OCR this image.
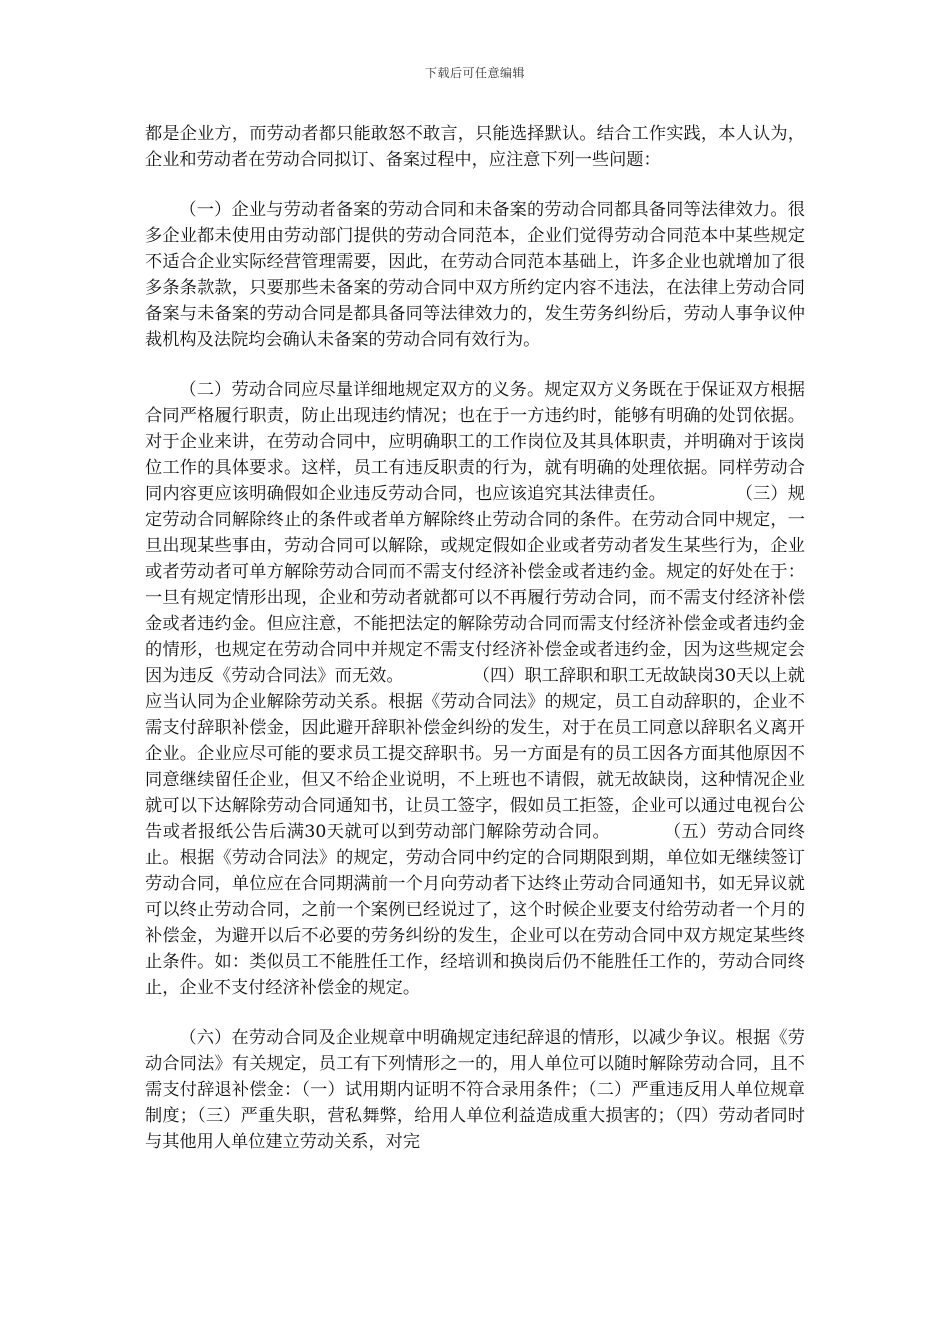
下载后可任意编辑

都是企业方，而劳动者都只能敢怒不敢言，只能选择默认。结合工作实践，本人认为，企业和劳动者在劳动合同拟订、备案过程中，应注意下列一些问题：

（一）企业与劳动者备案的劳动合同和未备案的劳动合同都具备同等法律效力。很多企业都未使用由劳动部门提供的劳动合同范本，企业们觉得劳动合同范本中某些规定不适合企业实际经营管理需要，因此，在劳动合同范本基础上，许多企业也就增加了很多条条款款，只要那些未备案的劳动合同中双方所约定内容不违法，在法律上劳动合同备案与未备案的劳动合同是都具备同等法律效力的，发生劳务纠纷后，劳动人事争议仲裁机构及法院均会确认未备案的劳动合同有效行为。

（二）劳动合同应尽量详细地规定双方的义务。规定双方义务既在于保证双方根据合同严格履行职责，防止出现违约情况；也在于一方违约时，能够有明确的处罚依据。对于企业来讲，在劳动合同中，应明确职工的工作岗位及其具体职责，并明确对于该岗位工作的具体要求。这样，员工有违反职责的行为，就有明确的处理依据。同样劳动合同内容更应该明确假如企业违反劳动合同，也应该追究其法律责任。　　　　　（三）规定劳动合同解除终止的条件或者单方解除终止劳动合同的条件。在劳动合同中规定，一旦出现某些事由，劳动合同可以解除，或规定假如企业或者劳动者发生某些行为，企业或者劳动者可单方解除劳动合同而不需支付经济补偿金或者违约金。规定的好处在于：一旦有规定情形出现，企业和劳动者就都可以不再履行劳动合同，而不需支付经济补偿金或者违约金。但应注意，不能把法定的解除劳动合同而需支付经济补偿金或者违约金的情形，也规定在劳动合同中并规定不需支付经济补偿金或者违约金，因为这些规定会因为违反《劳动合同法》而无效。　　　　　（四）职工辞职和职工无故缺岗30天以上就应当认同为企业解除劳动关系。根据《劳动合同法》的规定，员工自动辞职的，企业不需支付辞职补偿金，因此避开辞职补偿金纠纷的发生，对于在员工同意以辞职名义离开企业。企业应尽可能的要求员工提交辞职书。另一方面是有的员工因各方面其他原因不同意继续留任企业，但又不给企业说明，不上班也不请假，就无故缺岗，这种情况企业就可以下达解除劳动合同通知书，让员工签字，假如员工拒签，企业可以通过电视台公告或者报纸公告后满30天就可以到劳动部门解除劳动合同。　　　　（五）劳动合同终止。根据《劳动合同法》的规定，劳动合同中约定的合同期限到期，单位如无继续签订劳动合同，单位应在合同期满前一个月向劳动者下达终止劳动合同通知书，如无异议就可以终止劳动合同，之前一个案例已经说过了，这个时候企业要支付给劳动者一个月的补偿金，为避开以后不必要的劳务纠纷的发生，企业可以在劳动合同中双方规定某些终止条件。如：类似员工不能胜任工作，经培训和换岗后仍不能胜任工作的，劳动合同终止，企业不支付经济补偿金的规定。

（六）在劳动合同及企业规章中明确规定违纪辞退的情形，以减少争议。根据《劳动合同法》有关规定，员工有下列情形之一的，用人单位可以随时解除劳动合同，且不需支付辞退补偿金：（一）试用期内证明不符合录用条件；（二）严重违反用人单位规章制度；（三）严重失职，营私舞弊，给用人单位利益造成重大损害的；（四）劳动者同时与其他用人单位建立劳动关系，对完
